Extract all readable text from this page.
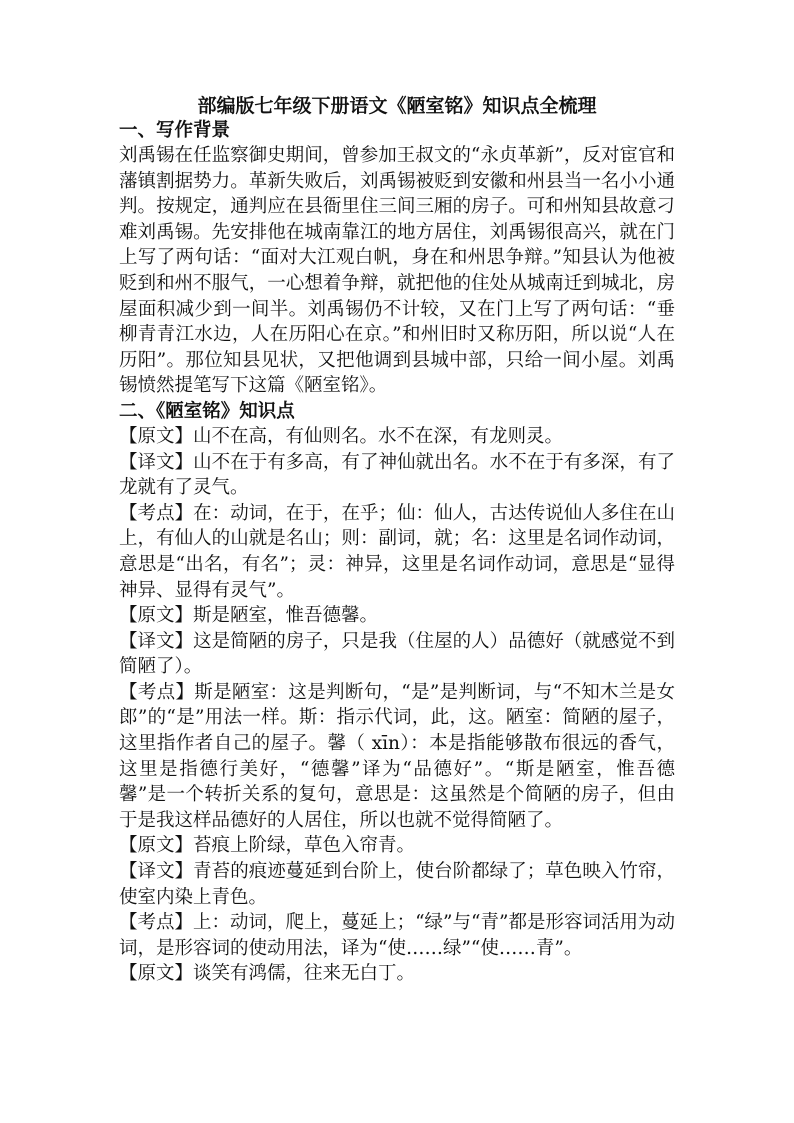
部编版七年级下册语文《陋室铭》知识点全梳理
一、写作背景

刘禹锡在任监察御史期间，曾参加王叔文的“永贞革新”，反对宦官和藩镇割据势力。革新失败后，刘禹锡被贬到安徽和州县当一名小小通判。按规定，通判应在县衙里住三间三厢的房子。可和州知县故意刁难刘禹锡。先安排他在城南靠江的地方居住，刘禹锡很高兴，就在门上写了两句话：“面对大江观白帆，身在和州思争辩。”知县认为他被贬到和州不服气，一心想着争辩，就把他的住处从城南迁到城北，房屋面积减少到一间半。刘禹锡仍不计较，又在门上写了两句话：“垂柳青青江水边，人在历阳心在京。”和州旧时又称历阳，所以说“人在历阳”。那位知县见状，又把他调到县城中部，只给一间小屋。刘禹锡愤然提笔写下这篇《陋室铭》。

二、《陋室铭》知识点

【原文】山不在高，有仙则名。水不在深，有龙则灵。

【译文】山不在于有多高，有了神仙就出名。水不在于有多深，有了龙就有了灵气。

【考点】在：动词，在于，在乎；仙：仙人，古达传说仙人多住在山上，有仙人的山就是名山；则：副词，就；名：这里是名词作动词，意思是“出名，有名”；灵：神异，这里是名词作动词，意思是“显得神异、显得有灵气”。

【原文】斯是陋室，惟吾德馨。

【译文】这是简陋的房子，只是我（住屋的人）品德好（就感觉不到简陋了）。

【考点】斯是陋室：这是判断句，“是”是判断词，与“不知木兰是女郎”的“是”用法一样。斯：指示代词，此，这。陋室：简陋的屋子，这里指作者自己的屋子。馨（ xīn）：本是指能够散布很远的香气，这里是指德行美好，“德馨”译为“品德好”。“斯是陋室，惟吾德馨”是一个转折关系的复句，意思是：这虽然是个简陋的房子，但由于是我这样品德好的人居住，所以也就不觉得简陋了。

【原文】苔痕上阶绿，草色入帘青。

【译文】青苔的痕迹蔓延到台阶上，使台阶都绿了；草色映入竹帘，使室内染上青色。

【考点】上：动词，爬上，蔓延上；“绿”与“青”都是形容词活用为动词，是形容词的使动用法，译为“使……绿”“使……青”。

【原文】谈笑有鸿儒，往来无白丁。
